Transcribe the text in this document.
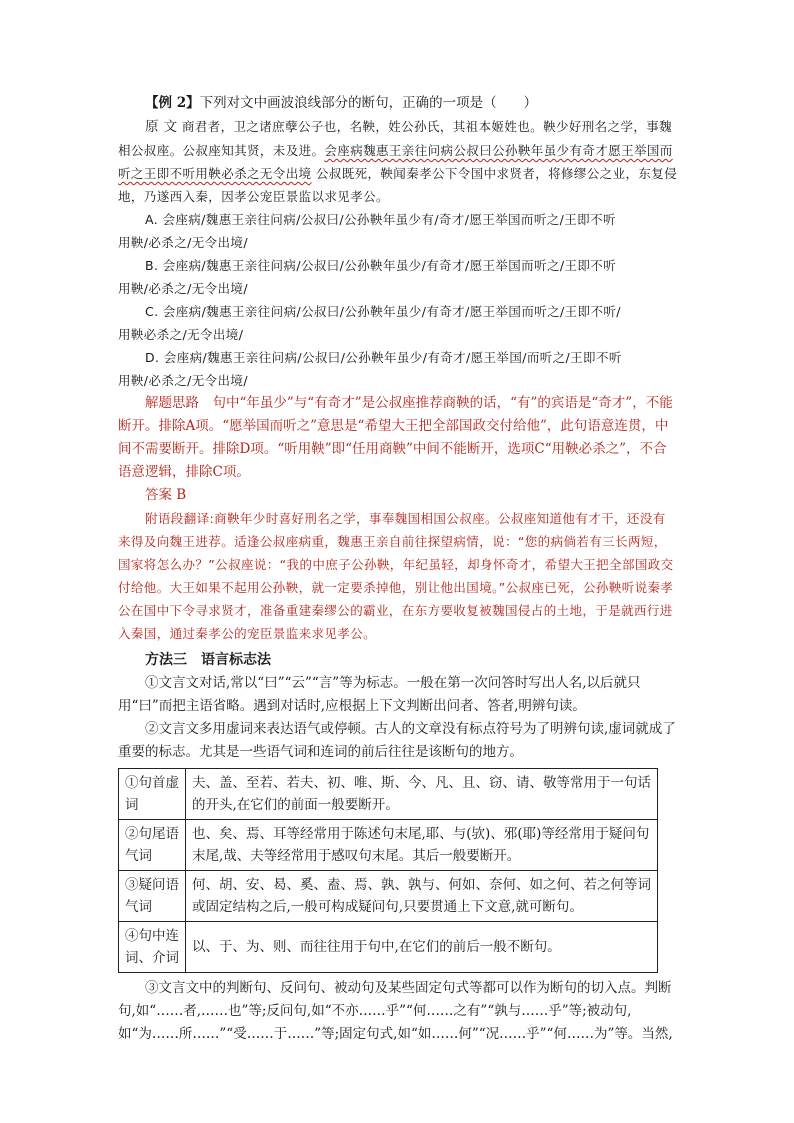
【例 2】下列对文中画波浪线部分的断句，正确的一项是（　　）

原 文 商君者，卫之诸庶孽公子也，名鞅，姓公孙氏，其祖本姬姓也。鞅少好刑名之学，事魏相公叔座。公叔座知其贤，未及进。会座病魏惠王亲往问病公叔曰公孙鞅年虽少有奇才愿王举国而听之王即不听用鞅必杀之无令出境 公叔既死，鞅闻秦孝公下令国中求贤者，将修缪公之业，东复侵地，乃遂西入秦，因孝公宠臣景监以求见孝公。

A. 会座病/魏惠王亲往问病/公叔曰/公孙鞅年虽少有/奇才/愿王举国而听之/王即不听

用鞅/必杀之/无令出境/

B. 会座病/魏惠王亲往问病/公叔曰/公孙鞅年虽少/有奇才/愿王举国而听之/王即不听

用鞅/必杀之/无令出境/

C. 会座病/魏惠王亲往问病/公叔曰/公孙鞅年虽少/有奇才/愿王举国而听之/王即不听/

用鞅必杀之/无令出境/

D. 会座病/魏惠王亲往问病/公叔曰/公孙鞅年虽少/有奇才/愿王举国/而听之/王即不听

用鞅/必杀之/无令出境/

解题思路　 句中“年虽少”与“有奇才”是公叔座推荐商鞅的话，“有”的宾语是“奇才”，不能断开。排除A项。“愿举国而听之”意思是“希望大王把全部国政交付给他”，此句语意连贯，中间不需要断开。排除D项。“听用鞅”即“任用商鞅”中间不能断开，选项C“用鞅必杀之”，不合语意逻辑，排除C项。

答案 B

附语段翻译:商鞅年少时喜好刑名之学，事奉魏国相国公叔座。公叔座知道他有才干，还没有来得及向魏王进荐。适逢公叔座病重，魏惠王亲自前往探望病情，说：“您的病倘若有三长两短，国家将怎么办？”公叔座说：“我的中庶子公孙鞅，年纪虽轻，却身怀奇才，希望大王把全部国政交付给他。大王如果不起用公孙鞅，就一定要杀掉他，别让他出国境。”公叔座已死，公孙鞅听说秦孝公在国中下令寻求贤才，准备重建秦缪公的霸业，在东方要收复被魏国侵占的土地，于是就西行进入秦国，通过秦孝公的宠臣景监来求见孝公。

方法三　语言标志法

①文言文对话,常以“曰”“云”“言”等为标志。一般在第一次问答时写出人名,以后就只用“曰”而把主语省略。遇到对话时,应根据上下文判断出问者、答者,明辨句读。

②文言文多用虚词来表达语气或停顿。古人的文章没有标点符号为了明辨句读,虚词就成了重要的标志。尤其是一些语气词和连词的前后往往是该断句的地方。

①句首虚词	夫、盖、至若、若夫、初、唯、斯、今、凡、且、窃、请、敬等常用于一句话的开头,在它们的前面一般要断开。
②句尾语气词	也、矣、焉、耳等经常用于陈述句末尾,耶、与(欤)、邪(耶)等经常用于疑问句末尾,哉、夫等经常用于感叹句末尾。其后一般要断开。
③疑问语气词	何、胡、安、曷、奚、盍、焉、孰、孰与、何如、奈何、如之何、若之何等词或固定结构之后,一般可构成疑问句,只要贯通上下文意,就可断句。
④句中连词、介词	以、于、为、则、而往往用于句中,在它们的前后一般不断句。

③文言文中的判断句、反问句、被动句及某些固定句式等都可以作为断句的切入点。判断句,如“……者,……也”等;反问句,如“不亦……乎”“何……之有”“孰与……乎”等;被动句,如“为……所……”“受……于……”等;固定句式,如“如……何”“况……乎”“何……为”等。当然,
